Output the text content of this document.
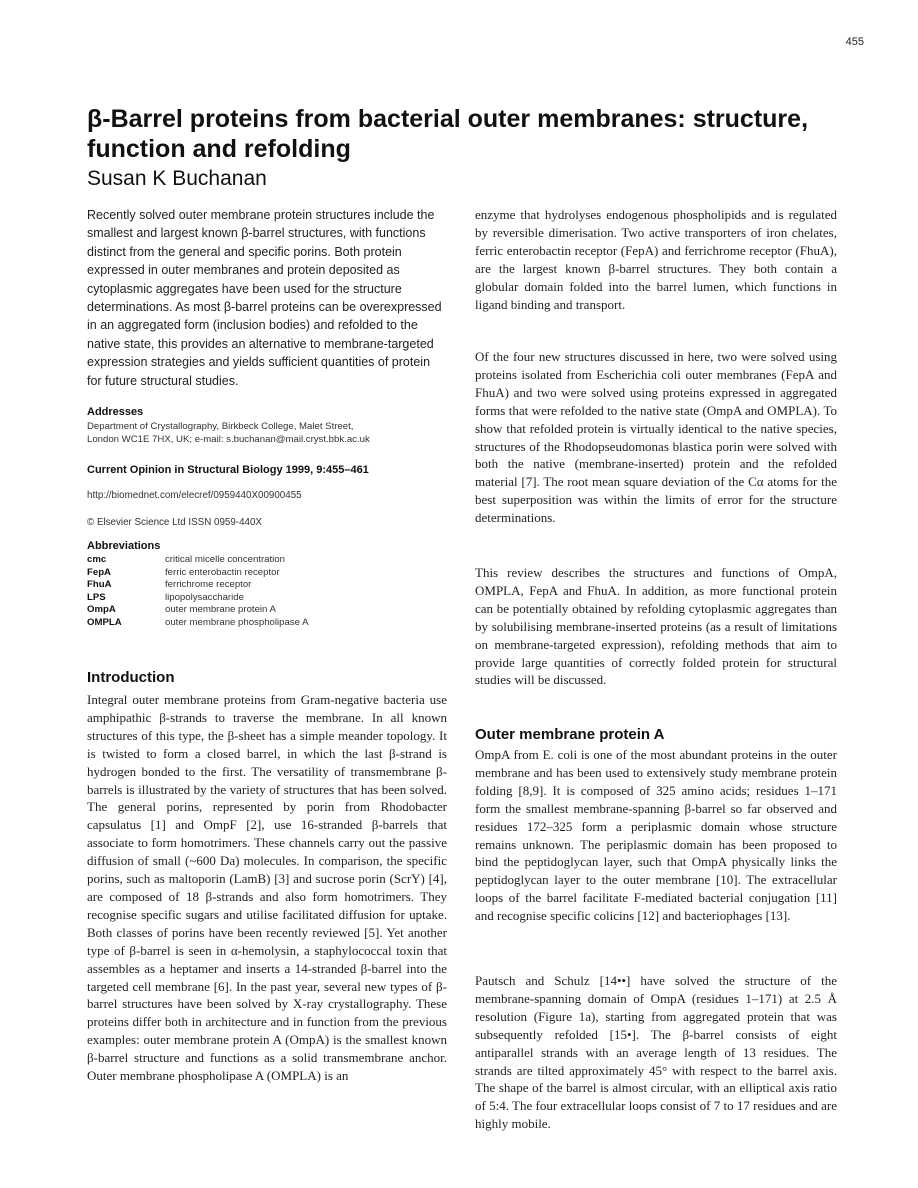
455
β-Barrel proteins from bacterial outer membranes: structure, function and refolding
Susan K Buchanan

Recently solved outer membrane protein structures include the smallest and largest known β-barrel structures, with functions distinct from the general and specific porins. Both protein expressed in outer membranes and protein deposited as cytoplasmic aggregates have been used for the structure determinations. As most β-barrel proteins can be overexpressed in an aggregated form (inclusion bodies) and refolded to the native state, this provides an alternative to membrane-targeted expression strategies and yields sufficient quantities of protein for future structural studies.

Addresses

Department of Crystallography, Birkbeck College, Malet Street,

London WC1E 7HX, UK; e-mail: s.buchanan@mail.cryst.bbk.ac.uk

Current Opinion in Structural Biology 1999, 9:455–461

http://biomednet.com/elecref/0959440X00900455

© Elsevier Science Ltd ISSN 0959-440X

Abbreviations

cmc	critical micelle concentration
FepA	ferric enterobactin receptor
FhuA	ferrichrome receptor
LPS	lipopolysaccharide
OmpA	outer membrane protein A
OMPLA	outer membrane phospholipase A
Introduction

Integral outer membrane proteins from Gram-negative bacteria use amphipathic β-strands to traverse the membrane. In all known structures of this type, the β-sheet has a simple meander topology. It is twisted to form a closed barrel, in which the last β-strand is hydrogen bonded to the first. The versatility of transmembrane β-barrels is illustrated by the variety of structures that has been solved. The general porins, represented by porin from Rhodobacter capsulatus [1] and OmpF [2], use 16-stranded β-barrels that associate to form homotrimers. These channels carry out the passive diffusion of small (~600 Da) molecules. In comparison, the specific porins, such as maltoporin (LamB) [3] and sucrose porin (ScrY) [4], are composed of 18 β-strands and also form homotrimers. They recognise specific sugars and utilise facilitated diffusion for uptake. Both classes of porins have been recently reviewed [5]. Yet another type of β-barrel is seen in α-hemolysin, a staphylococcal toxin that assembles as a heptamer and inserts a 14-stranded β-barrel into the targeted cell membrane [6]. In the past year, several new types of β-barrel structures have been solved by X-ray crystallography. These proteins differ both in architecture and in function from the previous examples: outer membrane protein A (OmpA) is the smallest known β-barrel structure and functions as a solid transmembrane anchor. Outer membrane phospholipase A (OMPLA) is an

enzyme that hydrolyses endogenous phospholipids and is regulated by reversible dimerisation. Two active transporters of iron chelates, ferric enterobactin receptor (FepA) and ferrichrome receptor (FhuA), are the largest known β-barrel structures. They both contain a globular domain folded into the barrel lumen, which functions in ligand binding and transport.

Of the four new structures discussed in here, two were solved using proteins isolated from Escherichia coli outer membranes (FepA and FhuA) and two were solved using proteins expressed in aggregated forms that were refolded to the native state (OmpA and OMPLA). To show that refolded protein is virtually identical to the native species, structures of the Rhodopseudomonas blastica porin were solved with both the native (membrane-inserted) protein and the refolded material [7]. The root mean square deviation of the Cα atoms for the best superposition was within the limits of error for the structure determinations.

This review describes the structures and functions of OmpA, OMPLA, FepA and FhuA. In addition, as more functional protein can be potentially obtained by refolding cytoplasmic aggregates than by solubilising membrane-inserted proteins (as a result of limitations on membrane-targeted expression), refolding methods that aim to provide large quantities of correctly folded protein for structural studies will be discussed.

Outer membrane protein A

OmpA from E. coli is one of the most abundant proteins in the outer membrane and has been used to extensively study membrane protein folding [8,9]. It is composed of 325 amino acids; residues 1–171 form the smallest membrane-spanning β-barrel so far observed and residues 172–325 form a periplasmic domain whose structure remains unknown. The periplasmic domain has been proposed to bind the peptidoglycan layer, such that OmpA physically links the peptidoglycan layer to the outer membrane [10]. The extracellular loops of the barrel facilitate F-mediated bacterial conjugation [11] and recognise specific colicins [12] and bacteriophages [13].

Pautsch and Schulz [14••] have solved the structure of the membrane-spanning domain of OmpA (residues 1–171) at 2.5 Å resolution (Figure 1a), starting from aggregated protein that was subsequently refolded [15•]. The β-barrel consists of eight antiparallel strands with an average length of 13 residues. The strands are tilted approximately 45° with respect to the barrel axis. The shape of the barrel is almost circular, with an elliptical axis ratio of 5:4. The four extracellular loops consist of 7 to 17 residues and are highly mobile.
